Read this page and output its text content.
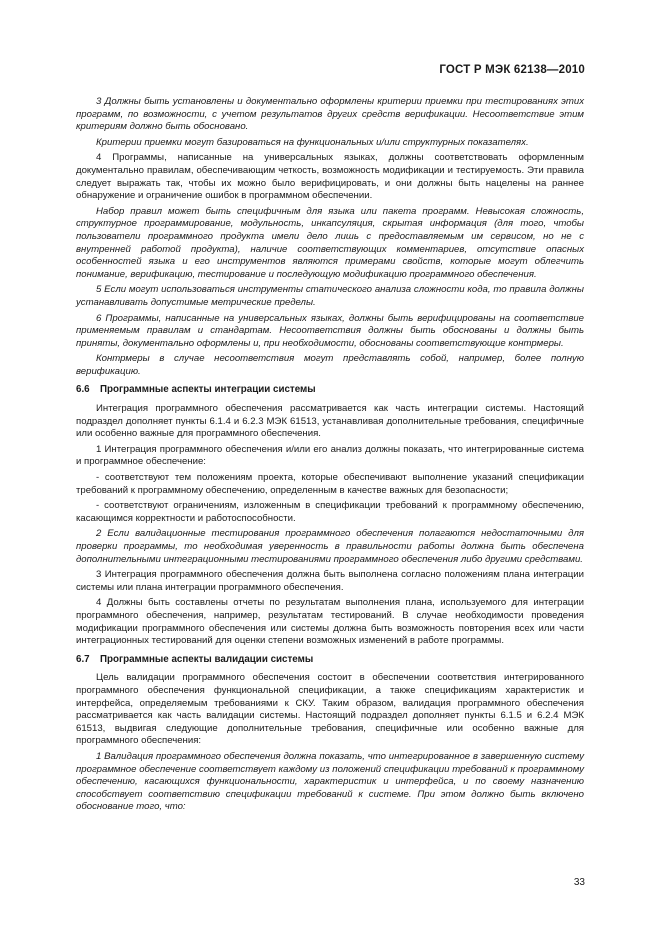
ГОСТ Р МЭК 62138—2010

3 Должны быть установлены и документально оформлены критерии приемки при тестированиях этих программ, по возможности, с учетом результатов других средств верификации. Несоответствие этим критериям должно быть обосновано.

Критерии приемки могут базироваться на функциональных и/или структурных показателях.

4 Программы, написанные на универсальных языках, должны соответствовать оформленным документально правилам, обеспечивающим четкость, возможность модификации и тестируемость. Эти правила следует выражать так, чтобы их можно было верифицировать, и они должны быть нацелены на раннее обнаружение и ограничение ошибок в программном обеспечении.

Набор правил может быть специфичным для языка или пакета программ. Невысокая сложность, структурное программирование, модульность, инкапсуляция, скрытая информация (для того, чтобы пользователи программного продукта имели дело лишь с предоставляемым им сервисом, но не с внутренней работой продукта), наличие соответствующих комментариев, отсутствие опасных особенностей языка и его инструментов являются примерами свойств, которые могут облегчить понимание, верификацию, тестирование и последующую модификацию программного обеспечения.

5 Если могут использоваться инструменты статического анализа сложности кода, то правила должны устанавливать допустимые метрические пределы.

6 Программы, написанные на универсальных языках, должны быть верифицированы на соответствие применяемым правилам и стандартам. Несоответствия должны быть обоснованы и должны быть приняты, документально оформлены и, при необходимости, обоснованы соответствующие контрмеры.

Контрмеры в случае несоответствия могут представлять собой, например, более полную верификацию.

6.6 Программные аспекты интеграции системы

Интеграция программного обеспечения рассматривается как часть интеграции системы. Настоящий подраздел дополняет пункты 6.1.4 и 6.2.3 МЭК 61513, устанавливая дополнительные требования, специфичные или особенно важные для программного обеспечения.

1 Интеграция программного обеспечения и/или его анализ должны показать, что интегрированные система и программное обеспечение:

- соответствуют тем положениям проекта, которые обеспечивают выполнение указаний спецификации требований к программному обеспечению, определенным в качестве важных для безопасности;

- соответствуют ограничениям, изложенным в спецификации требований к программному обеспечению, касающимся корректности и работоспособности.

2 Если валидационные тестирования программного обеспечения полагаются недостаточными для проверки программы, то необходимая уверенность в правильности работы должна быть обеспечена дополнительными интеграционными тестированиями программного обеспечения либо другими средствами.

3 Интеграция программного обеспечения должна быть выполнена согласно положениям плана интеграции системы или плана интеграции программного обеспечения.

4 Должны быть составлены отчеты по результатам выполнения плана, используемого для интеграции программного обеспечения, например, результатам тестирований. В случае необходимости проведения модификации программного обеспечения или системы должна быть возможность повторения всех или части интеграционных тестирований для оценки степени возможных изменений в работе программы.

6.7 Программные аспекты валидации системы

Цель валидации программного обеспечения состоит в обеспечении соответствия интегрированного программного обеспечения функциональной спецификации, а также спецификациям характеристик и интерфейса, определяемым требованиями к СКУ. Таким образом, валидация программного обеспечения рассматривается как часть валидации системы. Настоящий подраздел дополняет пункты 6.1.5 и 6.2.4 МЭК 61513, выдвигая следующие дополнительные требования, специфичные или особенно важные для программного обеспечения:

1 Валидация программного обеспечения должна показать, что интегрированное в завершенную систему программное обеспечение соответствует каждому из положений спецификации требований к программному обеспечению, касающихся функциональности, характеристик и интерфейса, и по своему назначению способствует соответствию спецификации требований к системе. При этом должно быть включено обоснование того, что:

33
